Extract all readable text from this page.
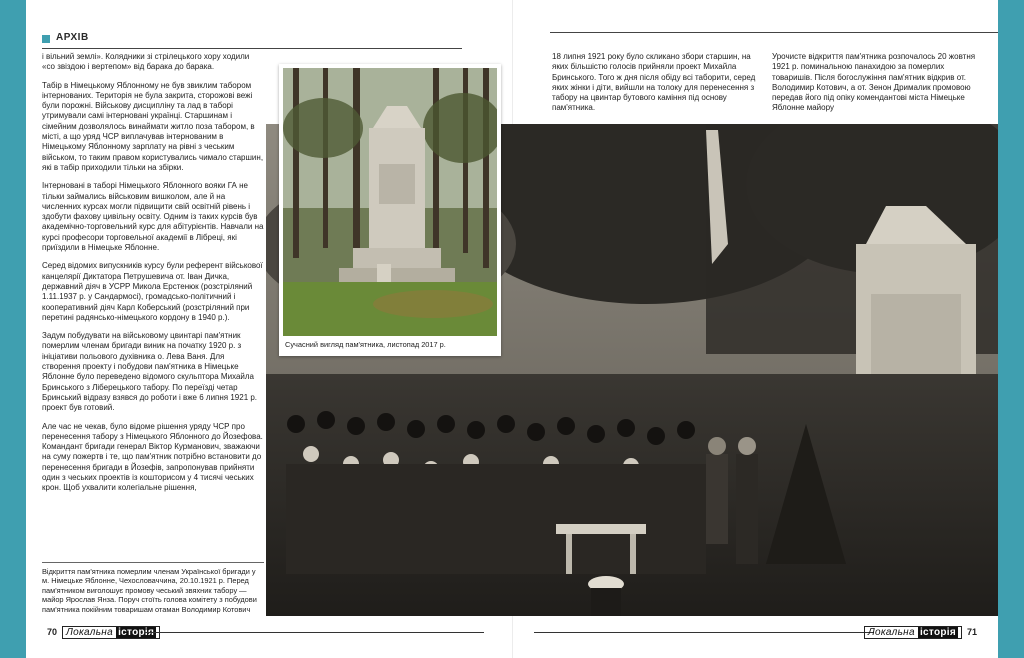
АРХІВ

і вільний землі». Колядники зі стрілецького хору ходили «со звіздою і вертепом» від барака до барака.

Табір в Німецькому Яблонному не був звиклим табором інтернованих. Територія не була закрита, сторожові вежі були порожні. Військову дисципліну та лад в таборі утримували самі інтерновані українці. Старшинам і сімейним дозволялось винаймати житло поза табором, в місті, а що уряд ЧСР виплачував інтернованим в Німецькому Яблонному зарплату на рівні з чеським військом, то таким правом користувались чимало старшин, які в табір приходили тільки на збірки.

Інтерновані в таборі Німецького Яблонного вояки ГА не тільки займались військовим вишколом, але й на численних курсах могли підвищити свій освітній рівень і здобути фахову цивільну освіту. Одним із таких курсів був академічно-торговельний курс для абітурієнтів. Навчали на курсі професори торговельної академії в Лібреці, які приїздили в Німецьке Яблонне.

Серед відомих випускників курсу були референт військової канцелярії Диктатора Петрушевича от. Іван Дичка, державний діяч в УСРР Микола Ерстенюк (розстріляний 1.11.1937 р. у Сандармосі), громадсько-політичний і кооперативний діяч Карл Коберський (розстріляний при перетині радянсько-німецького кордону в 1940 р.).

Задум побудувати на військовому цвинтарі пам'ятник померлим членам бригади виник на початку 1920 р. з ініціативи польового духівника о. Лева Ваня. Для створення проекту і побудови пам'ятника в Німецьке Яблонне було переведено відомого скульптора Михайла Бринського з Ліберецького табору. По переїзді четар Бринський відразу взявся до роботи і вже 6 липня 1921 р. проект був готовий.

Але час не чекав, було відоме рішення уряду ЧСР про перенесення табору з Німецького Яблонного до Йозефова. Командант бригади генерал Віктор Курманович, зважаючи на суму пожертв і те, що пам'ятник потрібно встановити до перенесення бригади в Йозефів, запропонував прийняти один з чеських проектів із кошторисом у 4 тисячі чеських крон. Щоб ухвалити колегіальне рішення,

Відкриття пам'ятника померлим членам Української бригади у м. Німецьке Яблонне, Чехословаччина, 20.10.1921 р. Перед пам'ятником виголошує промову чеський звяхник табору — майор Ярослав Янза. Поруч стоїть голова комітету з побудови пам'ятника покійним товаришам отаман Володимир Котович

18 липня 1921 року було скликано збори старшин, на яких більшістю голосів прийняли проект Михайла Бринського. Того ж дня після обіду всі таборити, серед яких жінки і діти, вийшли на толоку для перенесення з табору на цвинтар бутового каміння під основу пам'ятника.

Урочисте відкриття пам'ятника розпочалось 20 жовтня 1921 р. поминальною панахидою за померлих товаришів. Після богослужіння пам'ятник відкрив от. Володимир Котович, а от. Зенон Дрималик промовою передав його під опіку комендантові міста Німецьке Яблонне майору

Сучасний вигляд пам'ятника, листопад 2017 р.
70 Локальна історія	Локальна історія	71
